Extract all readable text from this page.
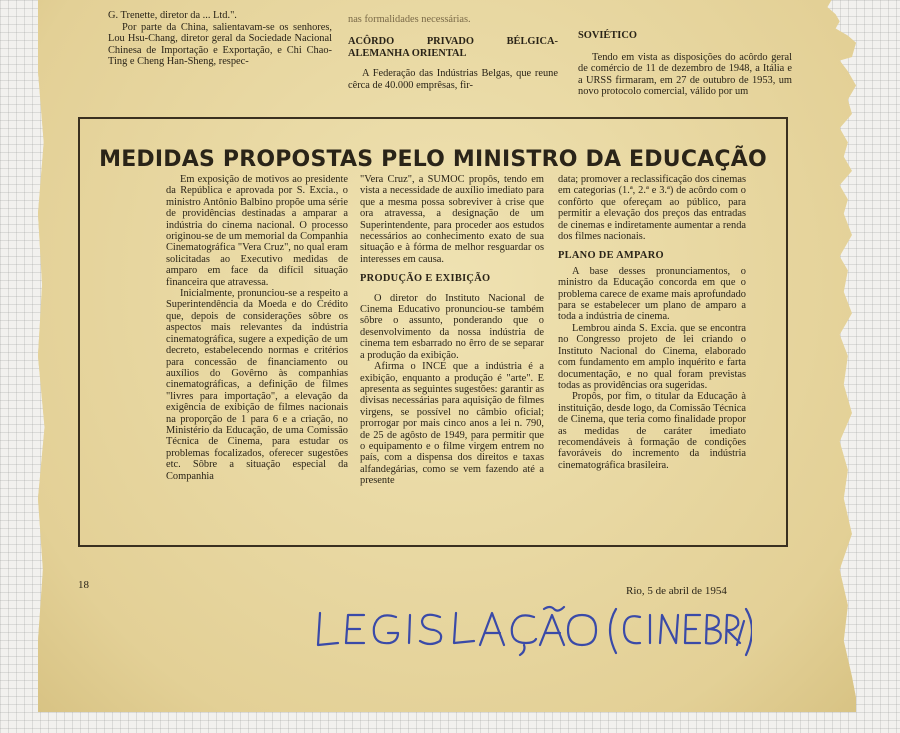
G. Trenette, diretor da ... Ltd.".

Por parte da China, salientavam-se os senhores, Lou Hsu-Chang, diretor geral da Sociedade Nacional Chinesa de Importação e Exportação, e Chi Chao-Ting e Cheng Han-Sheng, respec-

nas formalidades necessárias.
ACÔRDO PRIVADO BÉLGICA-ALEMANHA ORIENTAL

A Federação das Indústrias Belgas, que reune cêrca de 40.000 emprêsas, fir-

SOVIÉTICO

Tendo em vista as disposições do acôrdo geral de comércio de 11 de dezembro de 1948, a Itália e a URSS firmaram, em 27 de outubro de 1953, um novo protocolo comercial, válido por um

MEDIDAS PROPOSTAS PELO MINISTRO DA EDUCAÇÃO

Em exposição de motivos ao presidente da República e aprovada por S. Excia., o ministro Antônio Balbino propõe uma série de providências destinadas a amparar a indústria do cinema nacional. O processo originou-se de um memorial da Companhia Cinematográfica "Vera Cruz", no qual eram solicitadas ao Executivo medidas de amparo em face da difícil situação financeira que atravessa.

Inicialmente, pronunciou-se a respeito a Superintendência da Moeda e do Crédito que, depois de considerações sôbre os aspectos mais relevantes da indústria cinematográfica, sugere a expedição de um decreto, estabelecendo normas e critérios para concessão de financiamento ou auxílios do Govêrno às companhias cinematográficas, a definição de filmes "livres para importação", a elevação da exigência de exibição de filmes nacionais na proporção de 1 para 6 e a criação, no Ministério da Educação, de uma Comissão Técnica de Cinema, para estudar os problemas focalizados, oferecer sugestões etc. Sôbre a situação especial da Companhia

"Vera Cruz", a SUMOC propôs, tendo em vista a necessidade de auxílio imediato para que a mesma possa sobreviver à crise que ora atravessa, a designação de um Superintendente, para proceder aos estudos necessários ao conhecimento exato de sua situação e à fórma de melhor resguardar os interesses em causa.

PRODUÇÃO E EXIBIÇÃO

O diretor do Instituto Nacional de Cinema Educativo pronunciou-se também sôbre o assunto, ponderando que o desenvolvimento da nossa indústria de cinema tem esbarrado no êrro de se separar a produção da exibição.

Afirma o INCE que a indústria é a exibição, enquanto a produção é "arte". E apresenta as seguintes sugestões: garantir as divisas necessárias para aquisição de filmes virgens, se possível no câmbio oficial; prorrogar por mais cinco anos a lei n. 790, de 25 de agôsto de 1949, para permitir que o equipamento e o filme virgem entrem no país, com a dispensa dos direitos e taxas alfandegárias, como se vem fazendo até a presente

data; promover a reclassificação dos cinemas em categorias (1.ª, 2.ª e 3.ª) de acôrdo com o confôrto que ofereçam ao público, para permitir a elevação dos preços das entradas de cinemas e indiretamente aumentar a renda dos filmes nacionais.

PLANO DE AMPARO

A base desses pronunciamentos, o ministro da Educação concorda em que o problema carece de exame mais aprofundado para se estabelecer um plano de amparo a toda a indústria de cinema.

Lembrou ainda S. Excia. que se encontra no Congresso projeto de lei criando o Instituto Nacional do Cinema, elaborado com fundamento em amplo inquérito e farta documentação, e no qual foram previstas todas as providências ora sugeridas.

Propôs, por fim, o titular da Educação à instituição, desde logo, da Comissão Técnica de Cinema, que teria como finalidade propor as medidas de caráter imediato recomendáveis à formação de condições favoráveis do incremento da indústria cinematográfica brasileira.

18	Rio, 5 de abril de 1954
